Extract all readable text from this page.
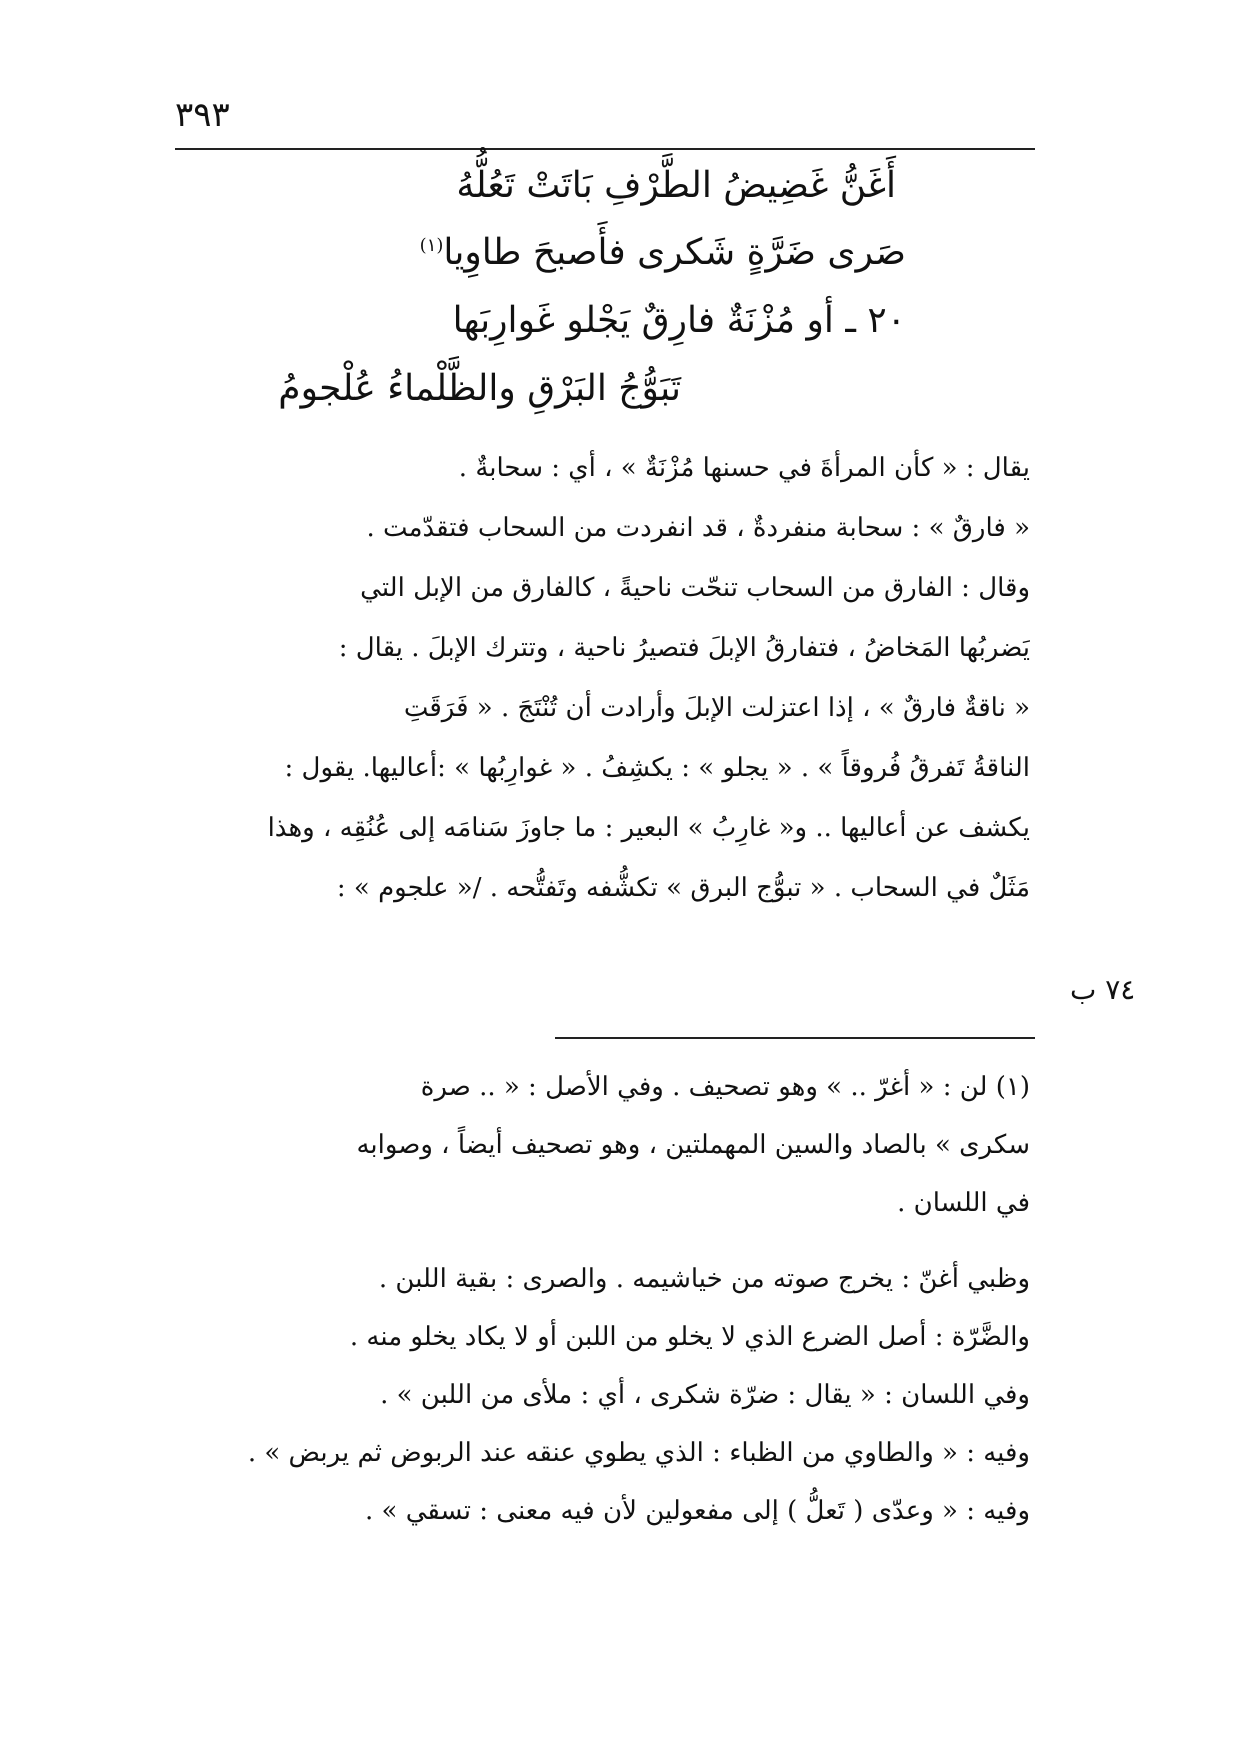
٣٩٣
أَغَنُّ غَضِيضُ الطَّرْفِ بَاتَتْ تَعُلُّهُ
صَرى ضَرَّةٍ شَكرى فأَصبحَ طاوِيا$^{(١)}$
٢٠ ـ أو مُزْنَةٌ فارِقٌ يَجْلو غَوارِبَها
تَبَوُّجُ البَرْقِ والظَّلْماءُ عُلْجومُ
يقال : « كأن المرأةَ في حسنها مُزْنَةٌ » ، أي : سحابةٌ .
« فارقٌ » : سحابة منفردةٌ ، قد انفردت من السحاب فتقدّمت .
وقال : الفارق من السحاب تنحّت ناحيةً ، كالفارق من الإبل التي
يَضربُها المَخاضُ ، فتفارقُ الإبلَ فتصيرُ ناحية ، وتترك الإبلَ . يقال :
« ناقةٌ فارقٌ » ، إذا اعتزلت الإبلَ وأرادت أن تُنْتَجَ . « فَرَقَتِ
الناقةُ تَفرقُ فُروقاً » . « يجلو » : يكشِفُ . « غوارِبُها » :أعاليها. يقول :
يكشف عن أعاليها .. و« غارِبُ » البعير : ما جاوزَ سَنامَه إلى عُنُقِه ، وهذا
مَثَلٌ في السحاب . « تبوُّج البرق » تكشُّفه وتَفتُّحه . /« علجوم » :
٧٤ ب
(١) لن : « أغرّ .. » وهو تصحيف . وفي الأصل : « .. صرة
سكرى » بالصاد والسين المهملتين ، وهو تصحيف أيضاً ، وصوابه
في اللسان .
وظبي أغنّ : يخرج صوته من خياشيمه . والصرى : بقية اللبن .
والضَّرّة : أصل الضرع الذي لا يخلو من اللبن أو لا يكاد يخلو منه .
وفي اللسان : « يقال : ضرّة شكرى ، أي : ملأى من اللبن » .
وفيه : « والطاوي من الظباء : الذي يطوي عنقه عند الربوض ثم يربض » .
وفيه : « وعدّى ( تَعلُّ ) إلى مفعولين لأن فيه معنى : تسقي » .
